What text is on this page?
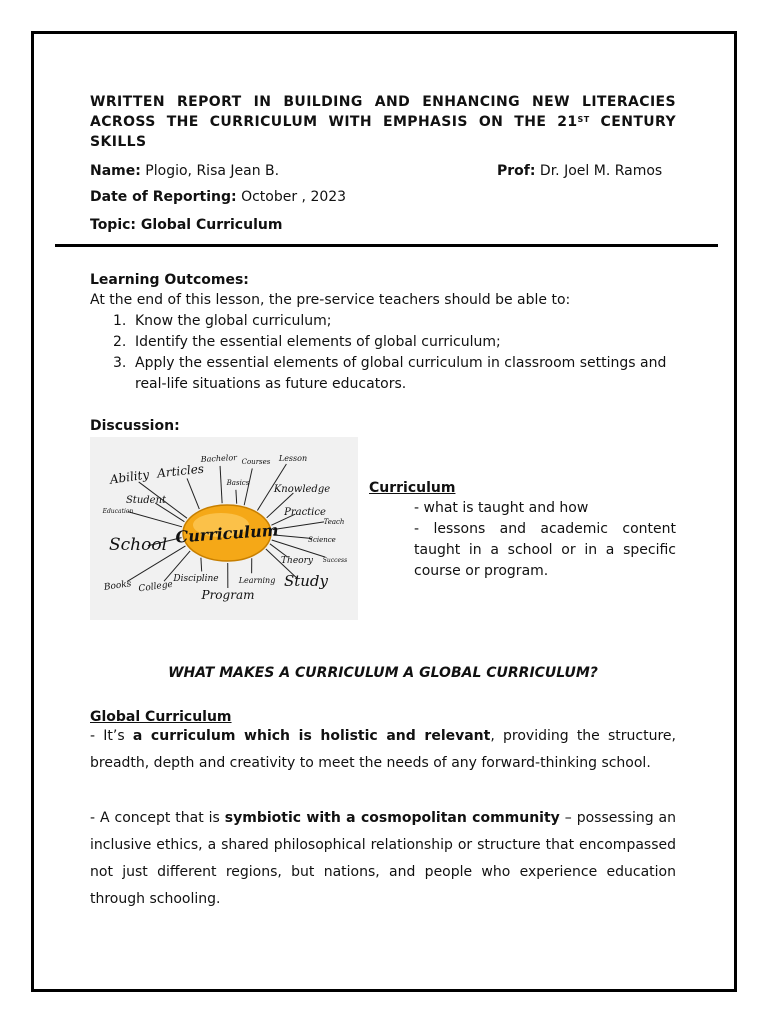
WRITTEN REPORT IN BUILDING AND ENHANCING NEW LITERACIES ACROSS THE CURRICULUM WITH EMPHASIS ON THE 21ST CENTURY SKILLS
Name: Plogio, Risa Jean B.	Prof: Dr. Joel M. Ramos
Date of Reporting: October , 2023
Topic: Global Curriculum
Learning Outcomes:
At the end of this lesson, the pre-service teachers should be able to:
1. Know the global curriculum;
2. Identify the essential elements of global curriculum;
3. Apply the essential elements of global curriculum in classroom settings and real-life situations as future educators.
Discussion:
Ability Articles
Bachelor Courses Lesson
Basics
Knowledge
Student
Education	Practice
Teach
School	Science
Theory Success
Books College
Discipline	Learning Study
Program
Curriculum
Curriculum
- what is taught and how
- lessons and academic content taught in a school or in a specific course or program.
WHAT MAKES A CURRICULUM A GLOBAL CURRICULUM?
Global Curriculum
- It’s a curriculum which is holistic and relevant, providing the structure, breadth, depth and creativity to meet the needs of any forward-thinking school.
- A concept that is symbiotic with a cosmopolitan community – possessing an inclusive ethics, a shared philosophical relationship or structure that encompassed not just different regions, but nations, and people who experience education through schooling.
